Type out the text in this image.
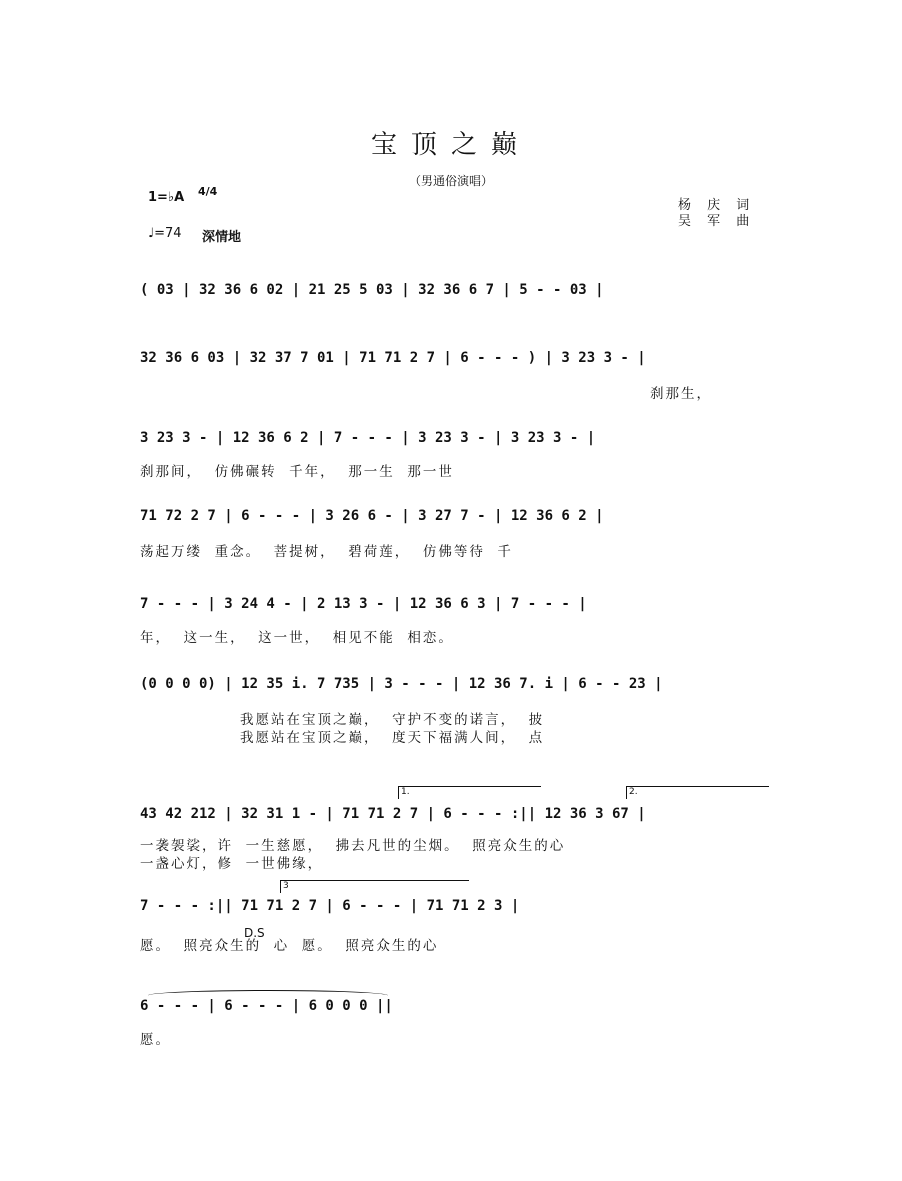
宝顶之巅
（男通俗演唱）
1=♭A 4/4
♩=74 深情地
杨 庆 词
吴 军 曲
( 03 | 32 36 6 02 | 21 25 5 03 | 32 36 6 7 | 5 - - 03 |
32 36 6 03 | 32 37 7 01 | 71 71 2 7 | 6 - - - ) | 3 23 3 - |
刹那生，
3 23 3 - | 12 36 6 2 | 7 - - - | 3 23 3 - | 3 23 3 - |
刹那间，  仿佛碾转  千年，  那一生  那一世
71 72 2 7 | 6 - - - | 3 26 6 - | 3 27 7 - | 12 36 6 2 |
荡起万缕  重念。  菩提树，  碧荷莲，  仿佛等待  千
7 - - - | 3 24 4 - | 2 13 3 - | 12 36 6 3 | 7 - - - |
年，  这一生，  这一世，  相见不能  相恋。
(0 0 0 0) | 12 35 i. 7 735 | 3 - - - | 12 36 7. i | 6 - - 23 |
我愿站在宝顶之巅，  守护不变的诺言，  披
我愿站在宝顶之巅，  度天下福满人间，  点
1.	2.
43 42 212 | 32 31 1 - | 71 71 2 7 | 6 - - - :|| 12 36 3 67 |
一袭袈裟，许  一生慈愿，  拂去凡世的尘烟。  照亮众生的心
一盏心灯，修  一世佛缘，
3
7 - - - :|| 71 71 2 7 | 6 - - - | 71 71 2 3 |
D.S
愿。  照亮众生的  心  愿。  照亮众生的心
6 - - - | 6 - - - | 6 0 0 0 ||
愿。
